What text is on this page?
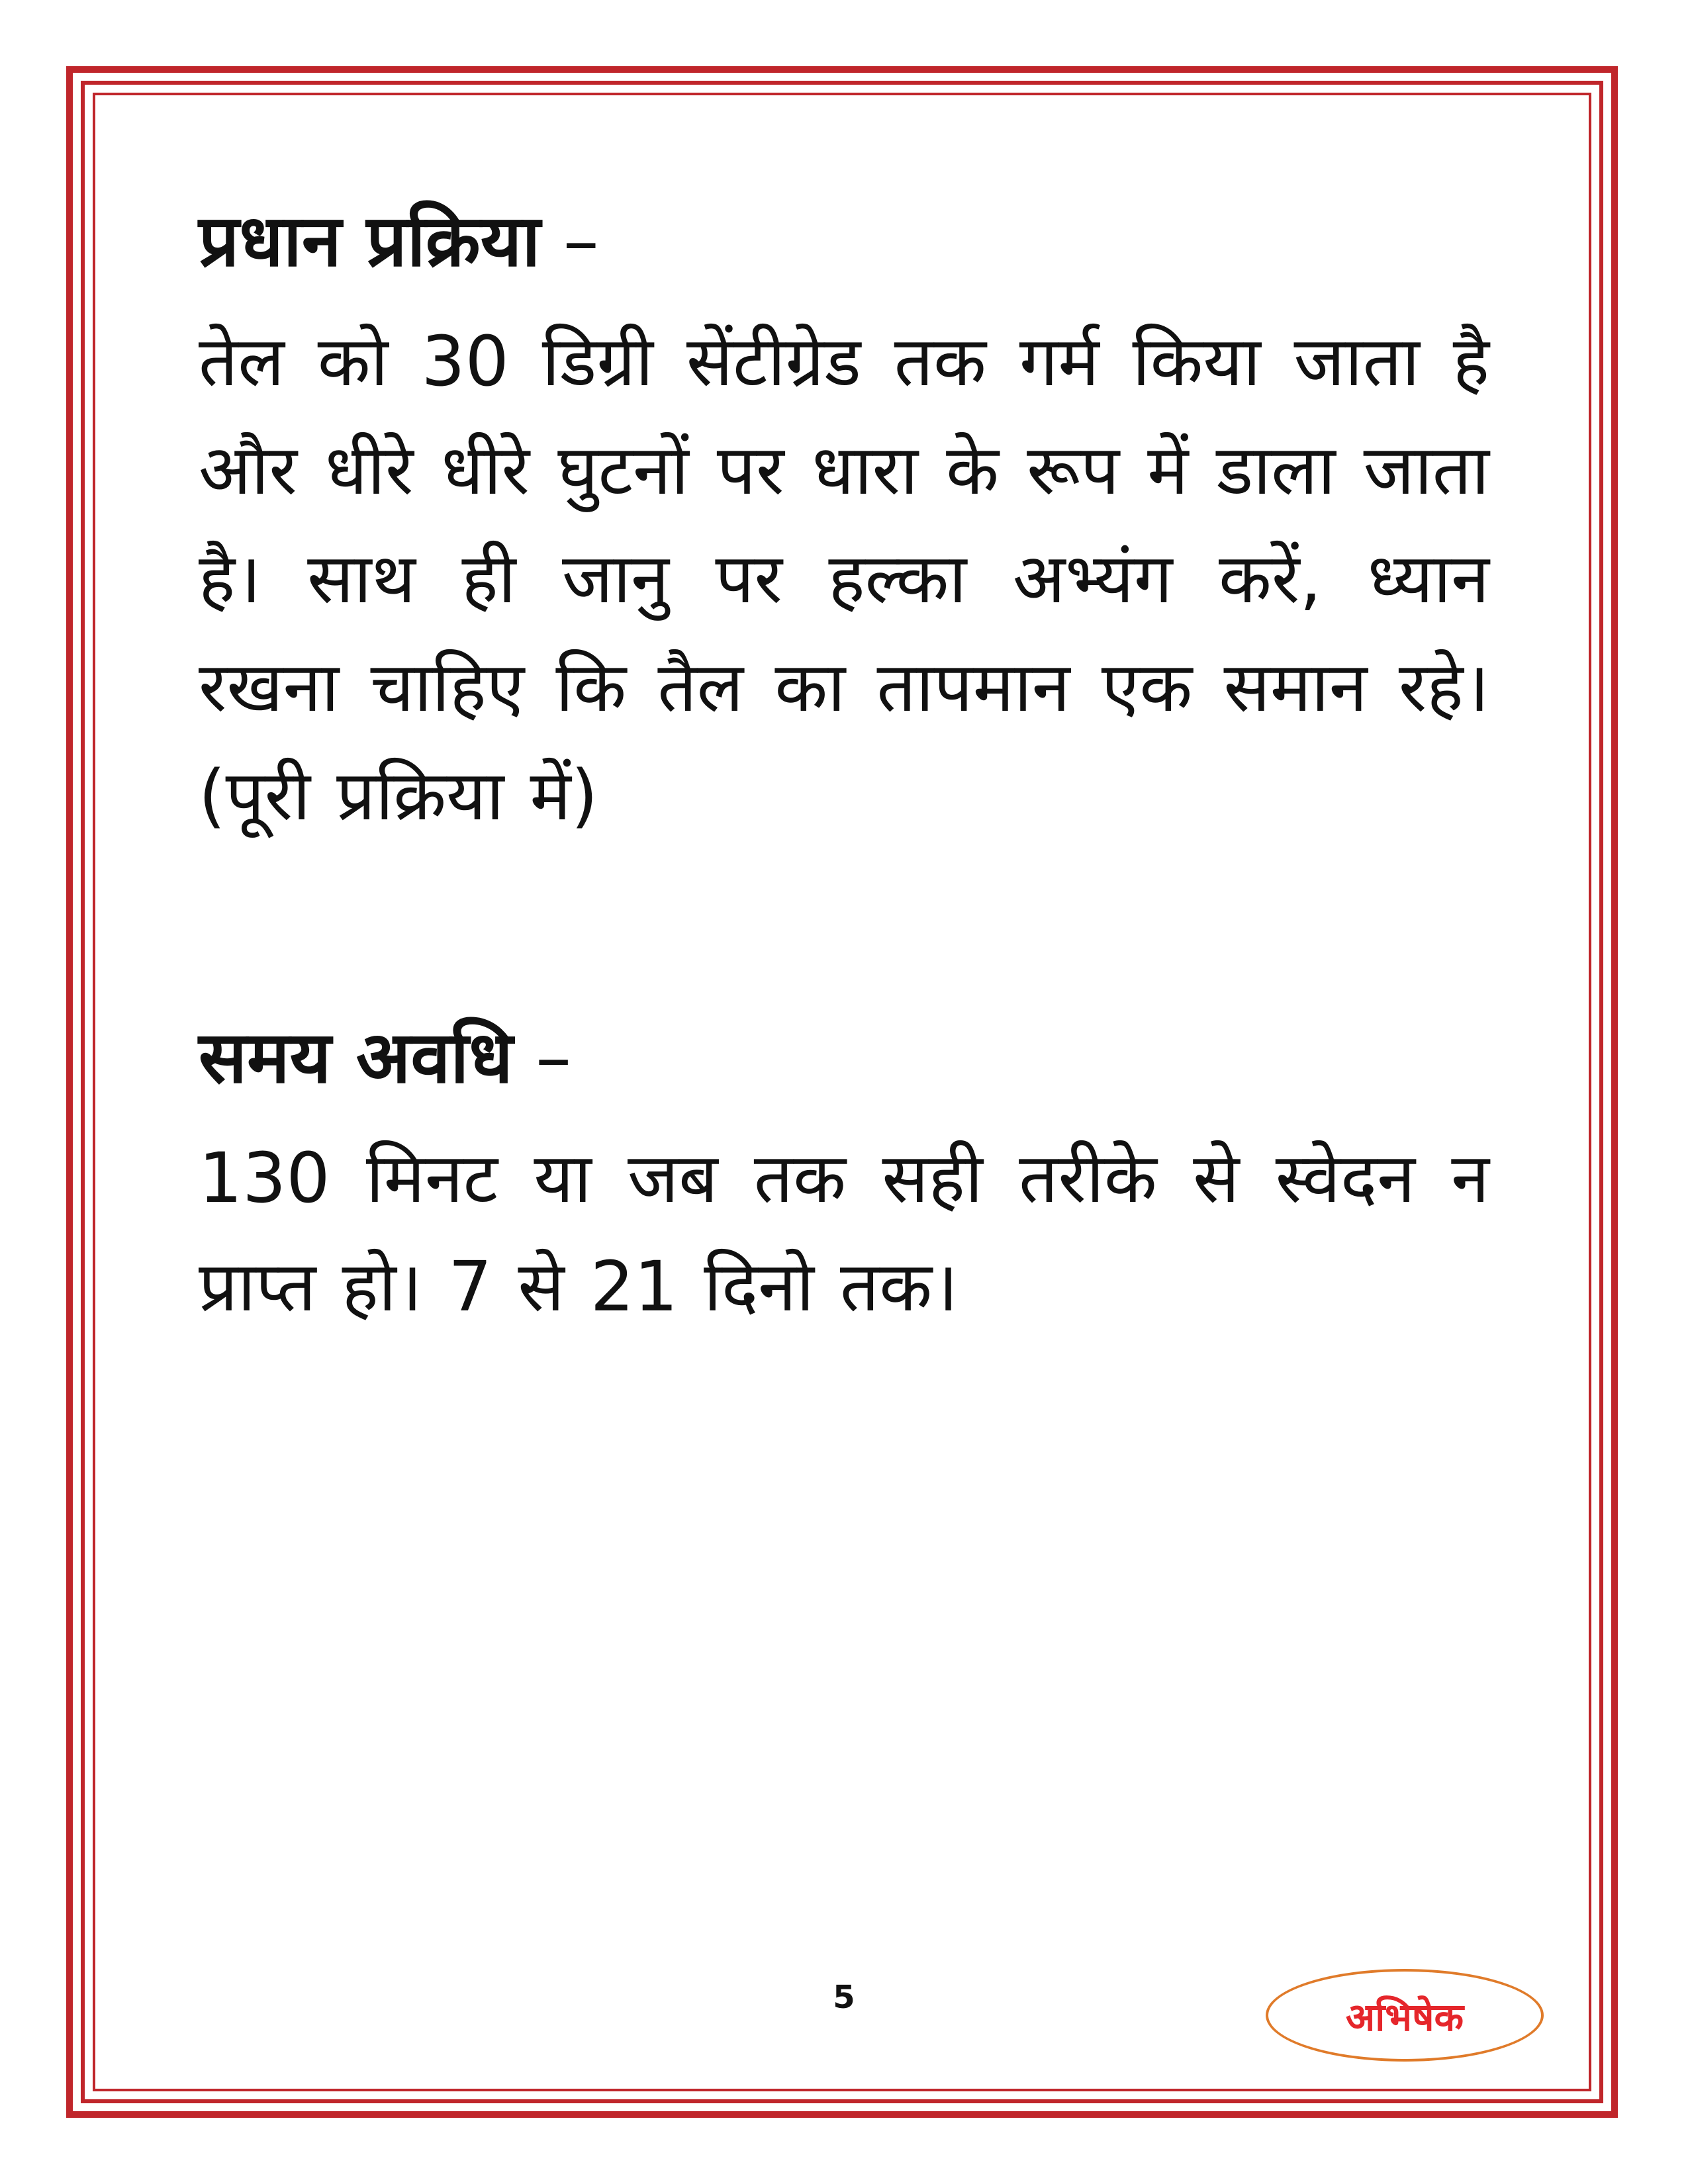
प्रधान प्रक्रिया –

तेल को 30 डिग्री सेंटीग्रेड तक गर्म किया जाता है और धीरे धीरे घुटनों पर धारा के रूप में डाला जाता है। साथ ही जानु पर हल्का अभ्यंग करें, ध्यान रखना चाहिए कि तैल का तापमान एक समान रहे। (पूरी प्रक्रिया में)

समय अवधि –

130 मिनट या जब तक सही तरीके से स्वेदन न प्राप्त हो। 7 से 21 दिनो तक।

5	अभिषेक
